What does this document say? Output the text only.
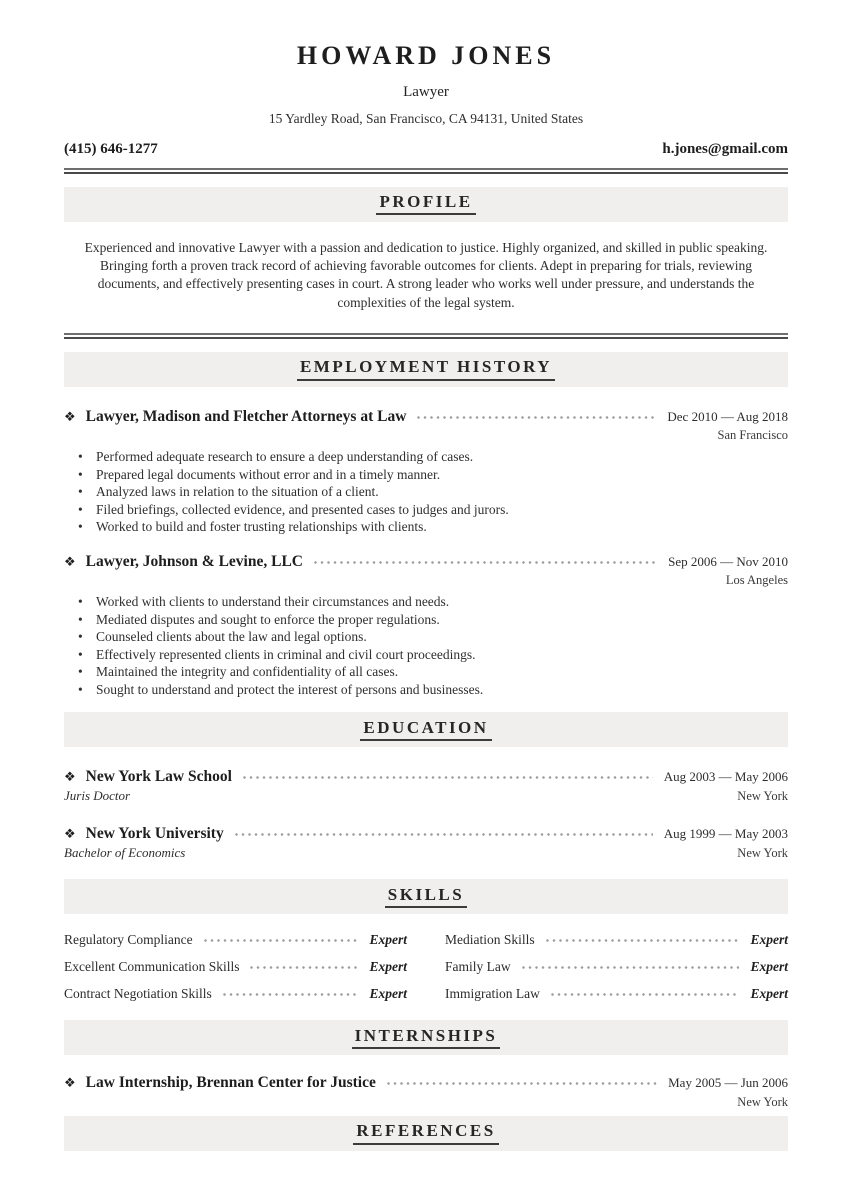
HOWARD JONES
Lawyer
15 Yardley Road, San Francisco, CA 94131, United States
(415) 646-1277	h.jones@gmail.com
PROFILE
Experienced and innovative Lawyer with a passion and dedication to justice. Highly organized, and skilled in public speaking. Bringing forth a proven track record of achieving favorable outcomes for clients. Adept in preparing for trials, reviewing documents, and effectively presenting cases in court. A strong leader who works well under pressure, and understands the complexities of the legal system.
EMPLOYMENT HISTORY
❖ Lawyer, Madison and Fletcher Attorneys at Law	Dec 2010 — Aug 2018
San Francisco
• Performed adequate research to ensure a deep understanding of cases.
• Prepared legal documents without error and in a timely manner.
• Analyzed laws in relation to the situation of a client.
• Filed briefings, collected evidence, and presented cases to judges and jurors.
• Worked to build and foster trusting relationships with clients.
❖ Lawyer, Johnson & Levine, LLC	Sep 2006 — Nov 2010
Los Angeles
• Worked with clients to understand their circumstances and needs.
• Mediated disputes and sought to enforce the proper regulations.
• Counseled clients about the law and legal options.
• Effectively represented clients in criminal and civil court proceedings.
• Maintained the integrity and confidentiality of all cases.
• Sought to understand and protect the interest of persons and businesses.
EDUCATION
❖ New York Law School	Aug 2003 — May 2006
Juris Doctor	New York
❖ New York University	Aug 1999 — May 2003
Bachelor of Economics	New York
SKILLS
Regulatory Compliance	Expert
Excellent Communication Skills	Expert
Contract Negotiation Skills	Expert
Mediation Skills	Expert
Family Law	Expert
Immigration Law	Expert
INTERNSHIPS
❖ Law Internship, Brennan Center for Justice	May 2005 — Jun 2006
New York
REFERENCES
